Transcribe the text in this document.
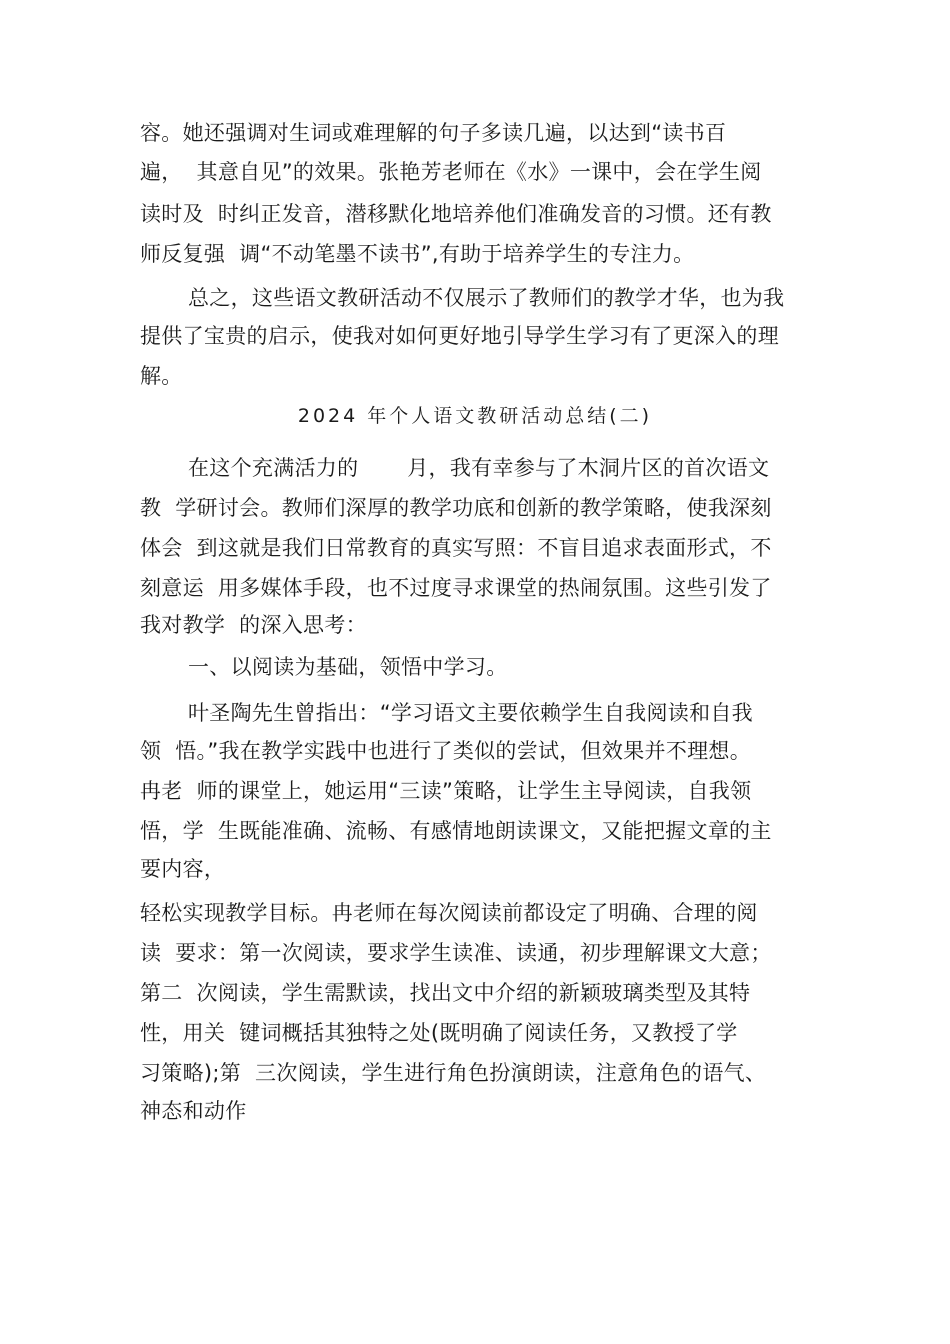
容。她还强调对生词或难理解的句子多读几遍，以达到“读书百
遍，  其意自见”的效果。张艳芳老师在《水》一课中，会在学生阅
读时及  时纠正发音，潜移默化地培养他们准确发音的习惯。还有教
师反复强  调“不动笔墨不读书”,有助于培养学生的专注力。
总之，这些语文教研活动不仅展示了教师们的教学才华，也为我
提供了宝贵的启示，使我对如何更好地引导学生学习有了更深入的理
解。
2024 年个人语文教研活动总结(二)
在这个充满活力的       月，我有幸参与了木洞片区的首次语文
教  学研讨会。教师们深厚的教学功底和创新的教学策略，使我深刻
体会  到这就是我们日常教育的真实写照：不盲目追求表面形式，不
刻意运  用多媒体手段，也不过度寻求课堂的热闹氛围。这些引发了
我对教学  的深入思考：
一、以阅读为基础，领悟中学习。
叶圣陶先生曾指出：“学习语文主要依赖学生自我阅读和自我
领  悟。”我在教学实践中也进行了类似的尝试，但效果并不理想。
冉老  师的课堂上，她运用“三读”策略，让学生主导阅读，自我领
悟，学  生既能准确、流畅、有感情地朗读课文，又能把握文章的主
要内容，
轻松实现教学目标。冉老师在每次阅读前都设定了明确、合理的阅
读  要求：第一次阅读，要求学生读准、读通，初步理解课文大意；
第二  次阅读，学生需默读，找出文中介绍的新颖玻璃类型及其特
性，用关  键词概括其独特之处(既明确了阅读任务，又教授了学
习策略);第  三次阅读，学生进行角色扮演朗读，注意角色的语气、
神态和动作
